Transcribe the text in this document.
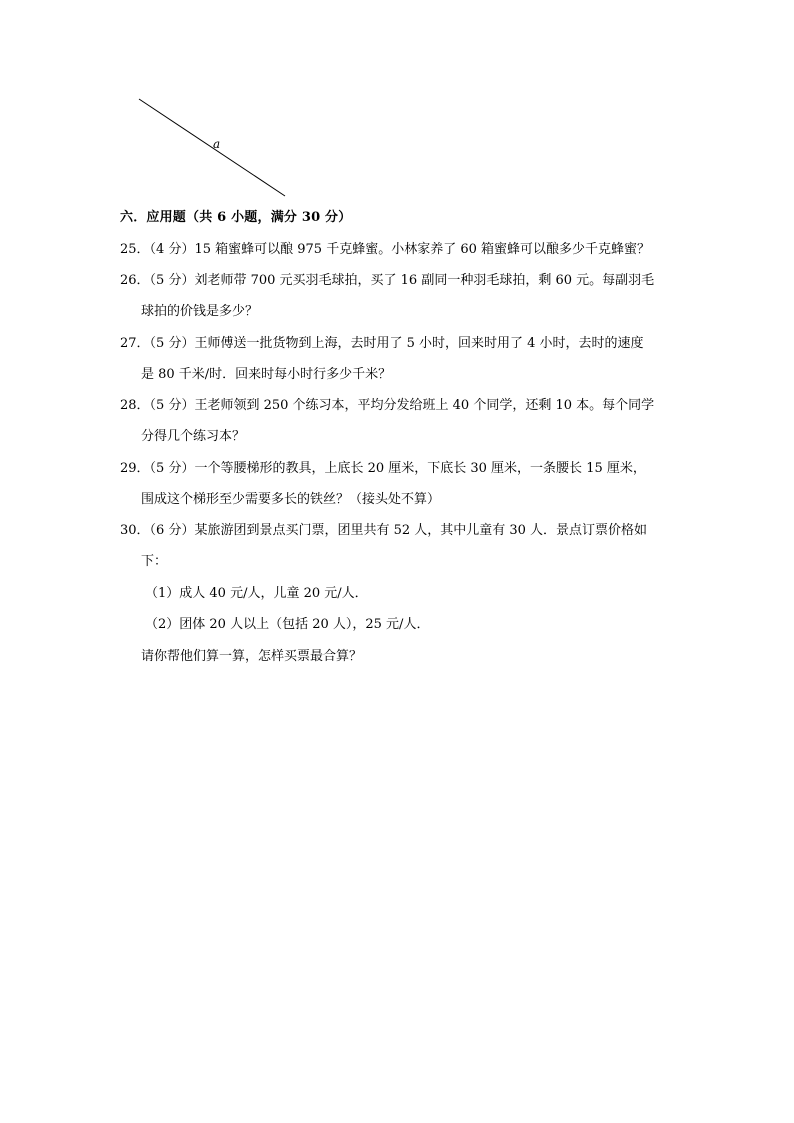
a
六．应用题（共 6 小题，满分 30 分）
25．（4 分）15 箱蜜蜂可以酿 975 千克蜂蜜。小林家养了 60 箱蜜蜂可以酿多少千克蜂蜜？
26．（5 分）刘老师带 700 元买羽毛球拍，买了 16 副同一种羽毛球拍，剩 60 元。每副羽毛
球拍的价钱是多少？
27．（5 分）王师傅送一批货物到上海，去时用了 5 小时，回来时用了 4 小时，去时的速度
是 80 千米/时．回来时每小时行多少千米？
28．（5 分）王老师领到 250 个练习本，平均分发给班上 40 个同学，还剩 10 本。每个同学
分得几个练习本？
29．（5 分）一个等腰梯形的教具，上底长 20 厘米，下底长 30 厘米，一条腰长 15 厘米，
围成这个梯形至少需要多长的铁丝？（接头处不算）
30．（6 分）某旅游团到景点买门票，团里共有 52 人，其中儿童有 30 人．景点订票价格如
下：
（1）成人 40 元/人，儿童 20 元/人．
（2）团体 20 人以上（包括 20 人），25 元/人．
请你帮他们算一算，怎样买票最合算？
